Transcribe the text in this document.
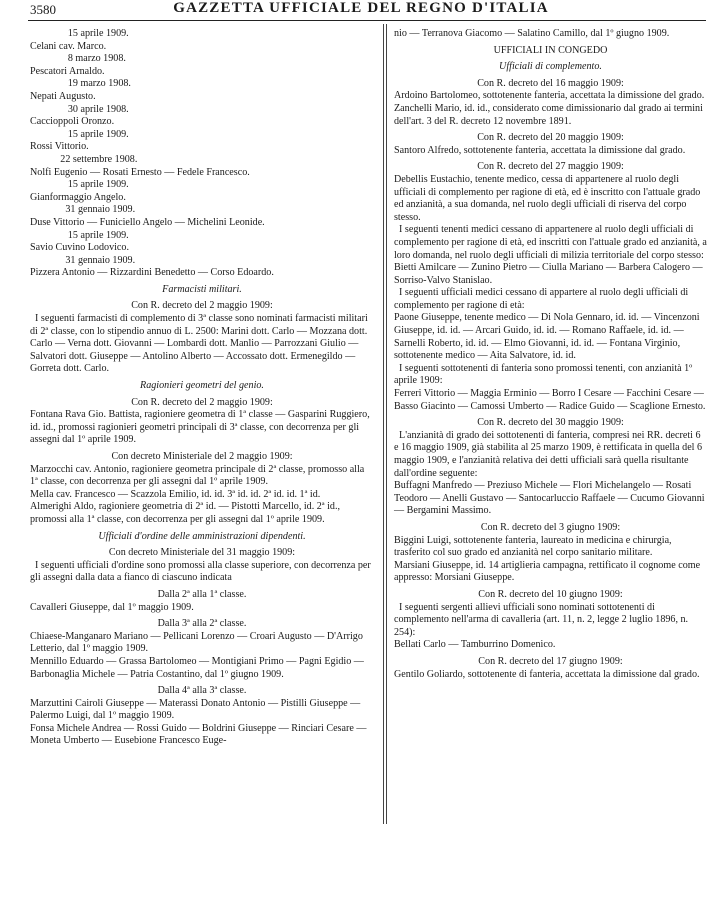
3580	GAZZETTA UFFICIALE DEL REGNO D'ITALIA
15 aprile 1909.
Celani cav. Marco.
8 marzo 1908.
Pescatori Arnaldo.
19 marzo 1908.
Nepati Augusto.
30 aprile 1908.
Caccioppoli Oronzo.
15 aprile 1909.
Rossi Vittorio.
22 settembre 1908.
Nolfi Eugenio — Rosati Ernesto — Fedele Francesco.
15 aprile 1909.
Gianformaggio Angelo.
31 gennaio 1909.
Duse Vittorio — Funiciello Angelo — Michelini Leonide.
15 aprile 1909.
Savio Cuvino Lodovico.
31 gennaio 1909.
Pizzera Antonio — Rizzardini Benedetto — Corso Edoardo.
Farmacisti militari.
Con R. decreto del 2 maggio 1909:
I seguenti farmacisti di complemento di 3ª classe sono nominati farmacisti militari di 2ª classe, con lo stipendio annuo di L. 2500: Marini dott. Carlo — Mozzana dott. Carlo — Verna dott. Giovanni — Lombardi dott. Manlio — Parrozzani Giulio — Salvatori dott. Giuseppe — Antolino Alberto — Accossato dott. Ermenegildo — Gorreta dott. Carlo.
Ragionieri geometri del genio.
Con R. decreto del 2 maggio 1909:
Fontana Rava Gio. Battista, ragioniere geometra di 1ª classe — Gasparini Ruggiero, id. id., promossi ragionieri geometri principali di 3ª classe, con decorrenza per gli assegni dal 1º aprile 1909.
Con decreto Ministeriale del 2 maggio 1909:
Marzocchi cav. Antonio, ragioniere geometra principale di 2ª classe, promosso alla 1ª classe, con decorrenza per gli assegni dal 1º aprile 1909.
Mella cav. Francesco — Scazzola Emilio, id. id. 3ª id. id. 2ª id. id. 1ª id.
Almerighi Aldo, ragioniere geometria di 2ª id. — Pistotti Marcello, id. 2ª id., promossi alla 1ª classe, con decorrenza per gli assegni dal 1º aprile 1909.
Ufficiali d'ordine delle amministrazioni dipendenti.
Con decreto Ministeriale del 31 maggio 1909:
I seguenti ufficiali d'ordine sono promossi alla classe superiore, con decorrenza per gli assegni dalla data a fianco di ciascuno indicata
Dalla 2ª alla 1ª classe.
Cavalleri Giuseppe, dal 1º maggio 1909.
Dalla 3ª alla 2ª classe.
Chiaese-Manganaro Mariano — Pellicani Lorenzo — Croari Augusto — D'Arrigo Letterio, dal 1º maggio 1909.
Mennillo Eduardo — Grassa Bartolomeo — Montigiani Primo — Pagni Egidio — Barbonaglia Michele — Patria Costantino, dal 1º giugno 1909.
Dalla 4ª alla 3ª classe.
Marzuttini Cairoli Giuseppe — Materassi Donato Antonio — Pistilli Giuseppe — Palermo Luigi, dal 1º maggio 1909.
Fonsa Michele Andrea — Rossi Guido — Boldrini Giuseppe — Rinciari Cesare — Moneta Umberto — Eusebione Francesco Euge-
nio — Terranova Giacomo — Salatino Camillo, dal 1º giugno 1909.
UFFICIALI IN CONGEDO
Ufficiali di complemento.
Con R. decreto del 16 maggio 1909:
Ardoino Bartolomeo, sottotenente fanteria, accettata la dimissione del grado.
Zanchelli Mario, id. id., considerato come dimissionario dal grado ai termini dell'art. 3 del R. decreto 12 novembre 1891.
Con R. decreto del 20 maggio 1909:
Santoro Alfredo, sottotenente fanteria, accettata la dimissione dal grado.
Con R. decreto del 27 maggio 1909:
Debellis Eustachio, tenente medico, cessa di appartenere al ruolo degli ufficiali di complemento per ragione di età, ed è inscritto con l'attuale grado ed anzianità, a sua domanda, nel ruolo degli ufficiali di riserva del corpo stesso.
I seguenti tenenti medici cessano di appartenere al ruolo degli ufficiali di complemento per ragione di età, ed inscritti con l'attuale grado ed anzianità, a loro domanda, nel ruolo degli ufficiali di milizia territoriale del corpo stesso:
Bietti Amilcare — Zunino Pietro — Ciulla Mariano — Barbera Calogero — Sorriso-Valvo Stanislao.
I seguenti ufficiali medici cessano di appartere al ruolo degli ufficiali di complemento per ragione di età:
Paone Giuseppe, tenente medico — Di Nola Gennaro, id. id. — Vincenzoni Giuseppe, id. id. — Arcari Guido, id. id. — Romano Raffaele, id. id. — Sarnelli Roberto, id. id. — Elmo Giovanni, id. id. — Fontana Virginio, sottotenente medico — Aita Salvatore, id. id.
I seguenti sottotenenti di fanteria sono promossi tenenti, con anzianità 1º aprile 1909:
Ferreri Vittorio — Maggia Erminio — Borro I Cesare — Facchini Cesare — Basso Giacinto — Camossi Umberto — Radice Guido — Scaglione Ernesto.
Con R. decreto del 30 maggio 1909:
L'anzianità di grado dei sottotenenti di fanteria, compresi nei RR. decreti 6 e 16 maggio 1909, già stabilita al 25 marzo 1909, è rettificata in quella del 6 maggio 1909, e l'anzianità relativa dei detti ufficiali sarà quella risultante dall'ordine seguente:
Buffagni Manfredo — Preziuso Michele — Flori Michelangelo — Rosati Teodoro — Anelli Gustavo — Santocarluccio Raffaele — Cucumo Giovanni — Bergamini Massimo.
Con R. decreto del 3 giugno 1909:
Biggini Luigi, sottotenente fanteria, laureato in medicina e chirurgia, trasferito col suo grado ed anzianità nel corpo sanitario militare.
Marsiani Giuseppe, id. 14 artiglieria campagna, rettificato il cognome come appresso: Morsiani Giuseppe.
Con R. decreto del 10 giugno 1909:
I seguenti sergenti allievi ufficiali sono nominati sottotenenti di complemento nell'arma di cavalleria (art. 11, n. 2, legge 2 luglio 1896, n. 254):
Bellati Carlo — Tamburrino Domenico.
Con R. decreto del 17 giugno 1909:
Gentilo Goliardo, sottotenente di fanteria, accettata la dimissione dal grado.
